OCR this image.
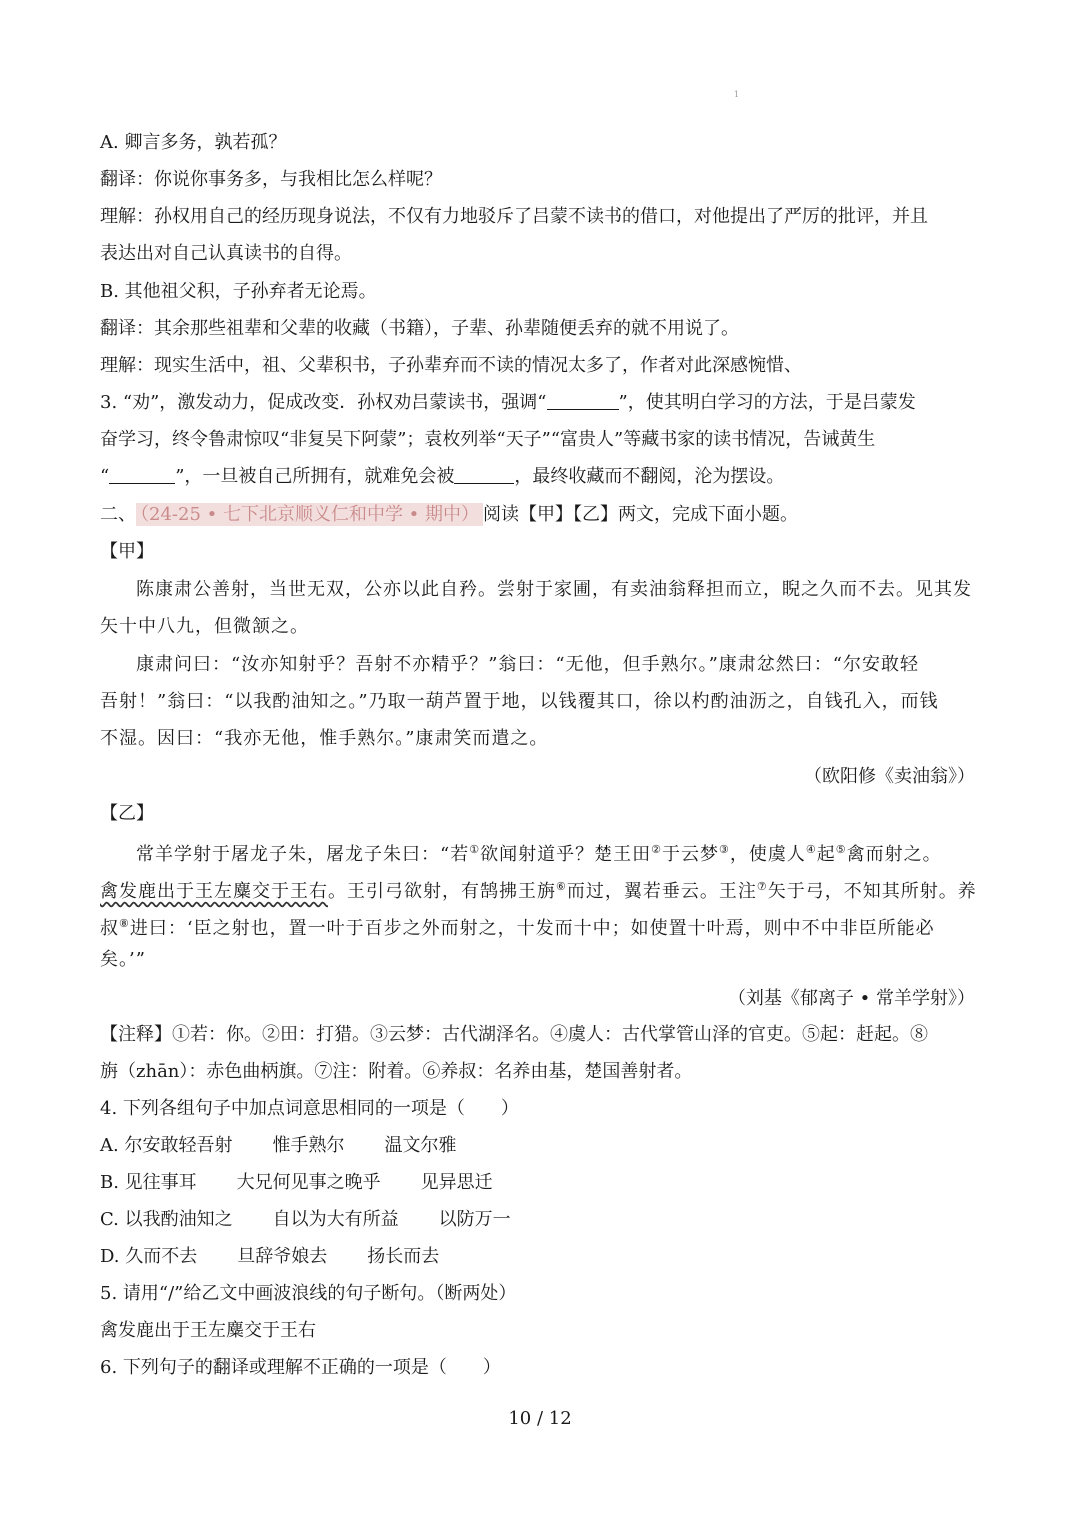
1
A. 卿言多务，孰若孤？
翻译：你说你事务多，与我相比怎么样呢？
理解：孙权用自己的经历现身说法，不仅有力地驳斥了吕蒙不读书的借口，对他提出了严厉的批评，并且
表达出对自己认真读书的自得。
B. 其他祖父积，子孙弃者无论焉。
翻译：其余那些祖辈和父辈的收藏（书籍），子辈、孙辈随便丢弃的就不用说了。
理解：现实生活中，祖、父辈积书，子孙辈弃而不读的情况太多了，作者对此深感惋惜、
3. “劝”，激发动力，促成改变．孙权劝吕蒙读书，强调“	”，使其明白学习的方法，于是吕蒙发
奋学习，终令鲁肃惊叹“非复吴下阿蒙”；袁枚列举“天子”“富贵人”等藏书家的读书情况，告诫黄生
“	”，一旦被自己所拥有，就难免会被	，最终收藏而不翻阅，沦为摆设。
二、 （24-25 • 七下北京顺义仁和中学 • 期中） 阅读【甲】【乙】两文，完成下面小题。
【甲】
陈康肃公善射，当世无双，公亦以此自矜。尝射于家圃，有卖油翁释担而立，睨之久而不去。见其发
矢十中八九，但微颔之。
康肃问曰：“汝亦知射乎？吾射不亦精乎？”翁曰：“无他，但手熟尔。”康肃忿然曰：“尔安敢轻
吾射！”翁曰：“以我酌油知之。”乃取一葫芦置于地，以钱覆其口，徐以杓酌油沥之，自钱孔入，而钱
不湿。因曰：“我亦无他，惟手熟尔。”康肃笑而遣之。
（欧阳修《卖油翁》）
【乙】
常羊学射于屠龙子朱，屠龙子朱曰：“若①欲闻射道乎？楚王田②于云梦③，使虞人④起⑤禽而射之。
禽发鹿出于王左麋交于王右。王引弓欲射，有鹄拂王旃⑥而过，翼若垂云。王注⑦矢于弓，不知其所射。养
叔⑧进曰：‘臣之射也，置一叶于百步之外而射之，十发而十中；如使置十叶焉，则中不中非臣所能必
矣。’”
（刘基《郁离子 • 常羊学射》）
【注释】①若：你。②田：打猎。③云梦：古代湖泽名。④虞人：古代掌管山泽的官吏。⑤起：赶起。⑧
旃（zhān）：赤色曲柄旗。⑦注：附着。⑥养叔：名养由基，楚国善射者。
4. 下列各组句子中加点词意思相同的一项是（　　）
A. 尔安敢轻吾射 惟手熟尔 温文尔雅
B. 见往事耳 大兄何见事之晚乎 见异思迁
C. 以我酌油知之 自以为大有所益 以防万一
D. 久而不去 旦辞爷娘去 扬长而去
5. 请用“/”给乙文中画波浪线的句子断句。（断两处）
禽发鹿出于王左麋交于王右
6. 下列句子的翻译或理解不正确的一项是（　　）
10 / 12
